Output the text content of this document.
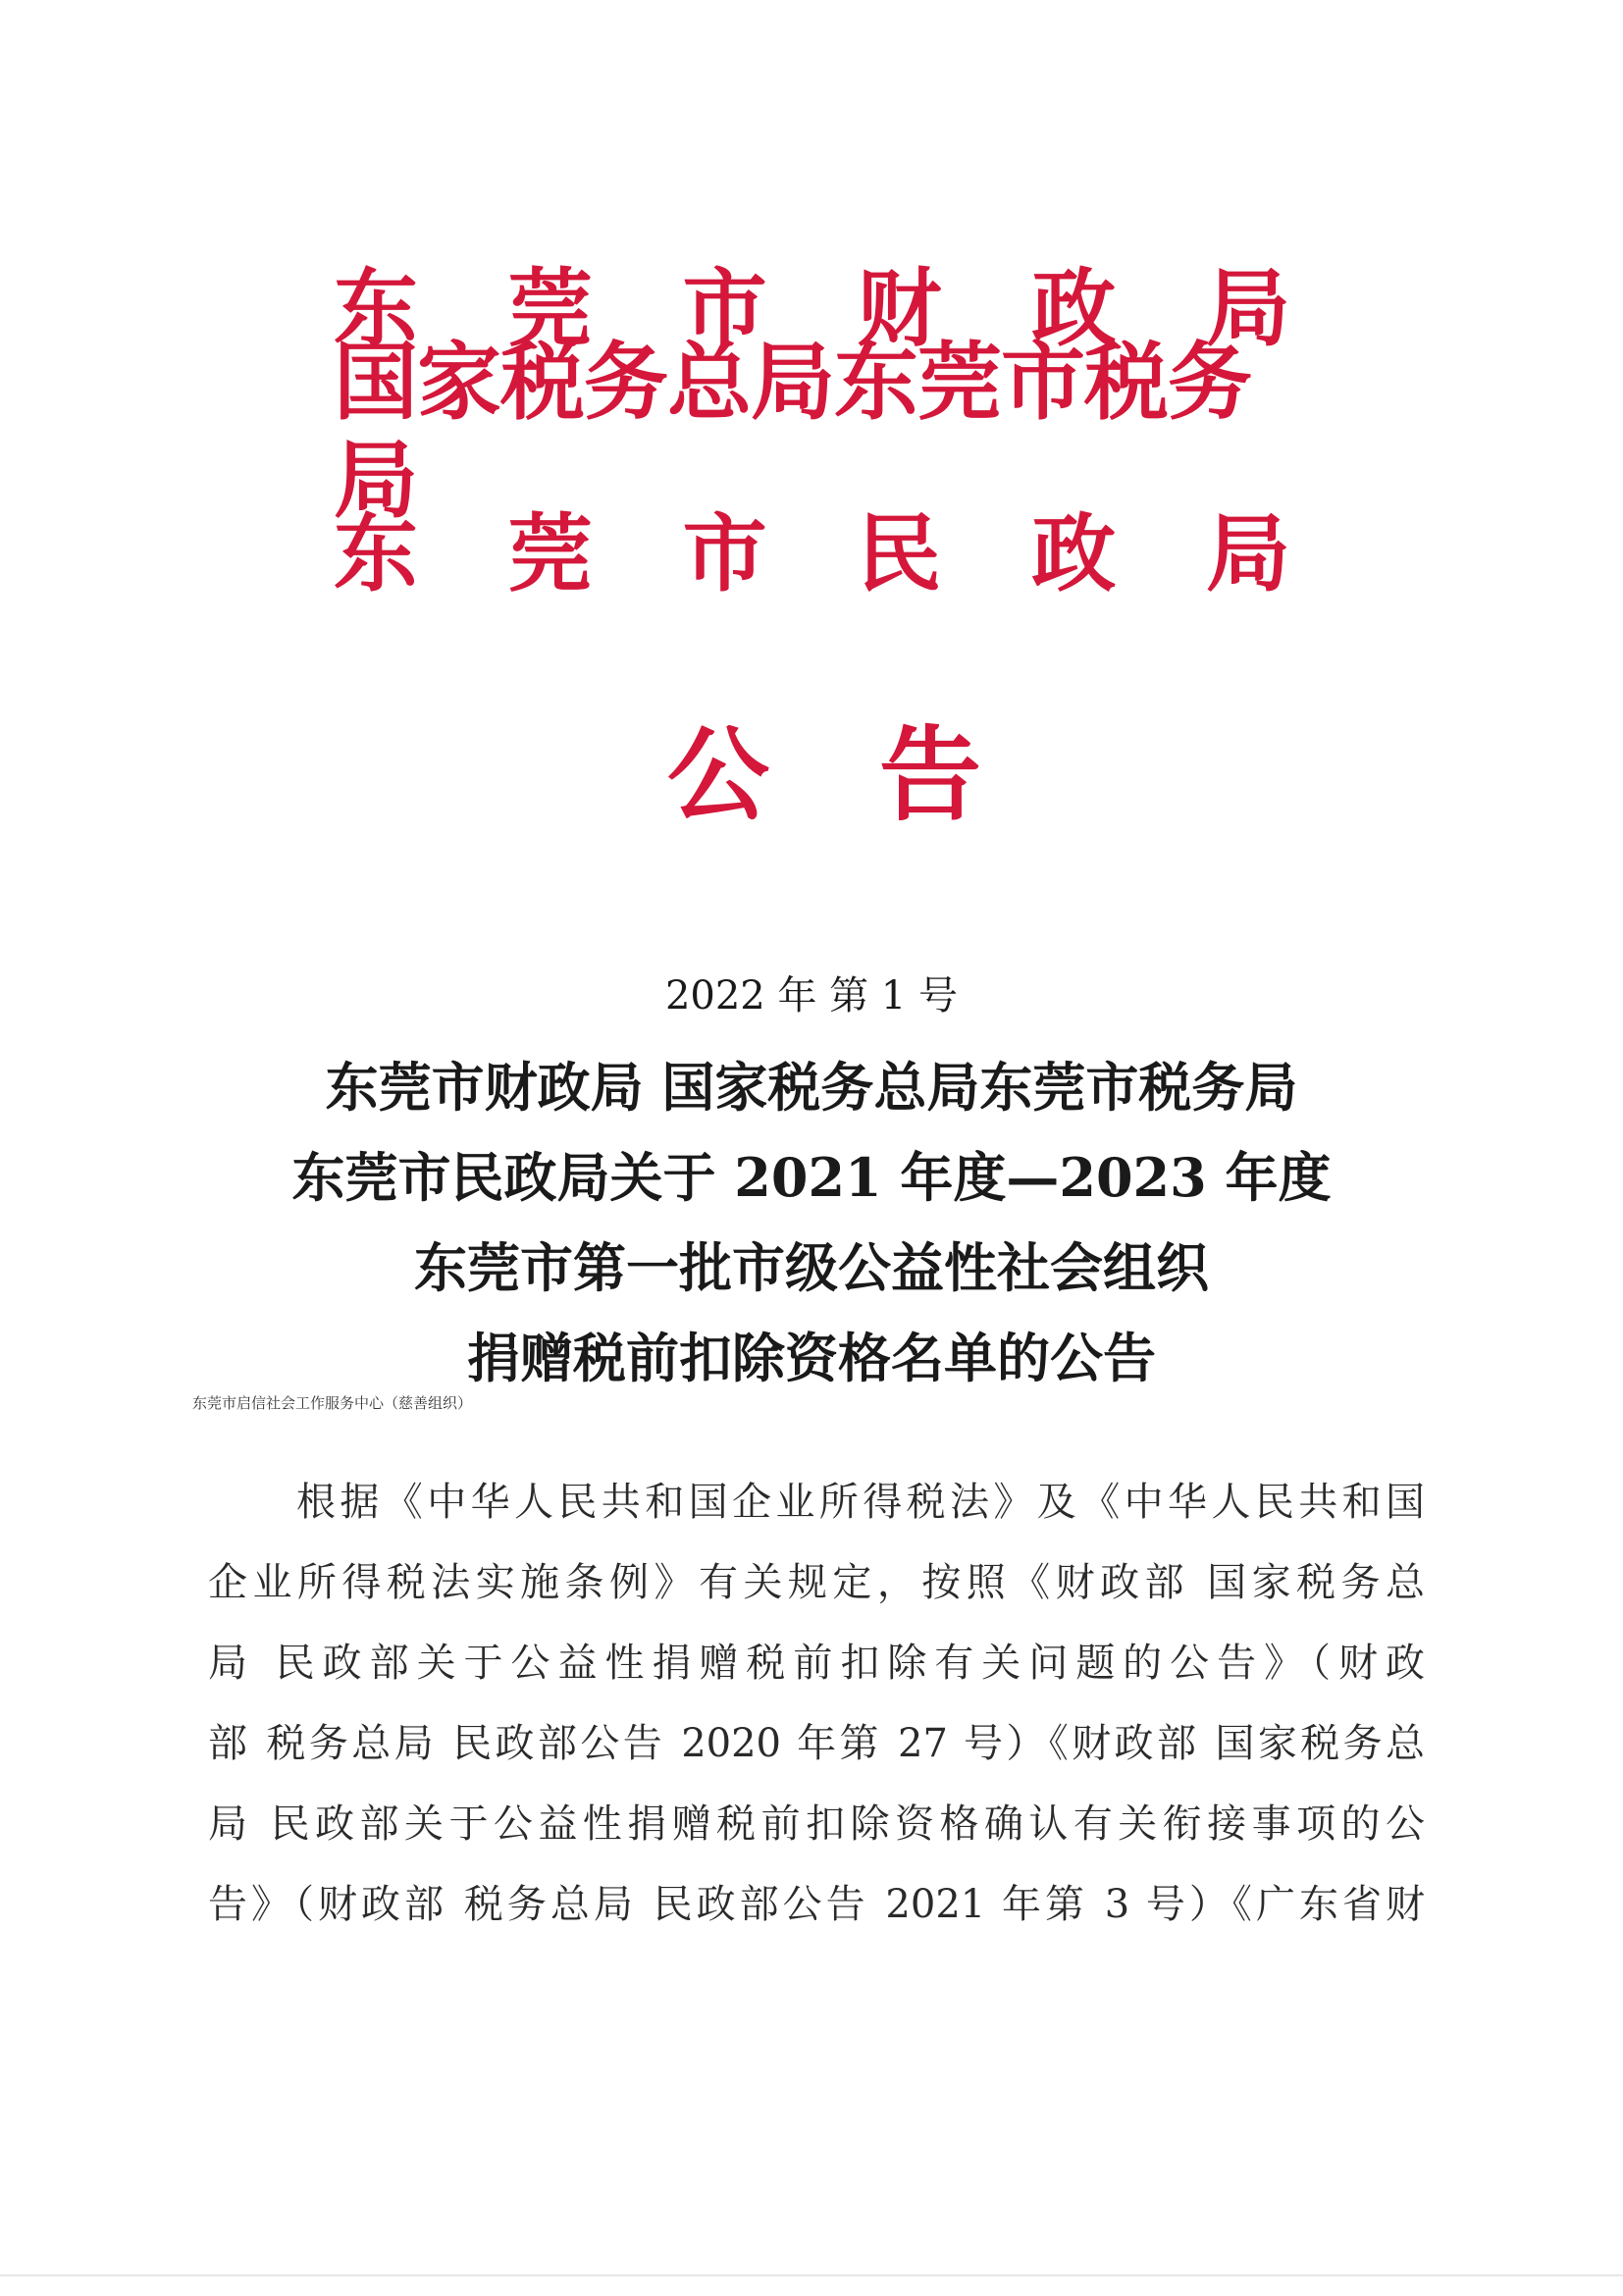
东 莞 市 财 政 局
国家税务总局东莞市税务局
东 莞 市 民 政 局
公 告
2022 年 第 1 号
东莞市财政局 国家税务总局东莞市税务局
东莞市民政局关于 2021 年度—2023 年度
东莞市第一批市级公益性社会组织
捐赠税前扣除资格名单的公告
东莞市启信社会工作服务中心（慈善组织）
根据《中华人民共和国企业所得税法》及《中华人民共和国
企业所得税法实施条例》有关规定，按照《财政部 国家税务总
局 民政部关于公益性捐赠税前扣除有关问题的公告》（财政
部 税务总局 民政部公告 2020 年第 27 号）《财政部 国家税务总
局 民政部关于公益性捐赠税前扣除资格确认有关衔接事项的公
告》（财政部 税务总局 民政部公告 2021 年第 3 号）《广东省财
